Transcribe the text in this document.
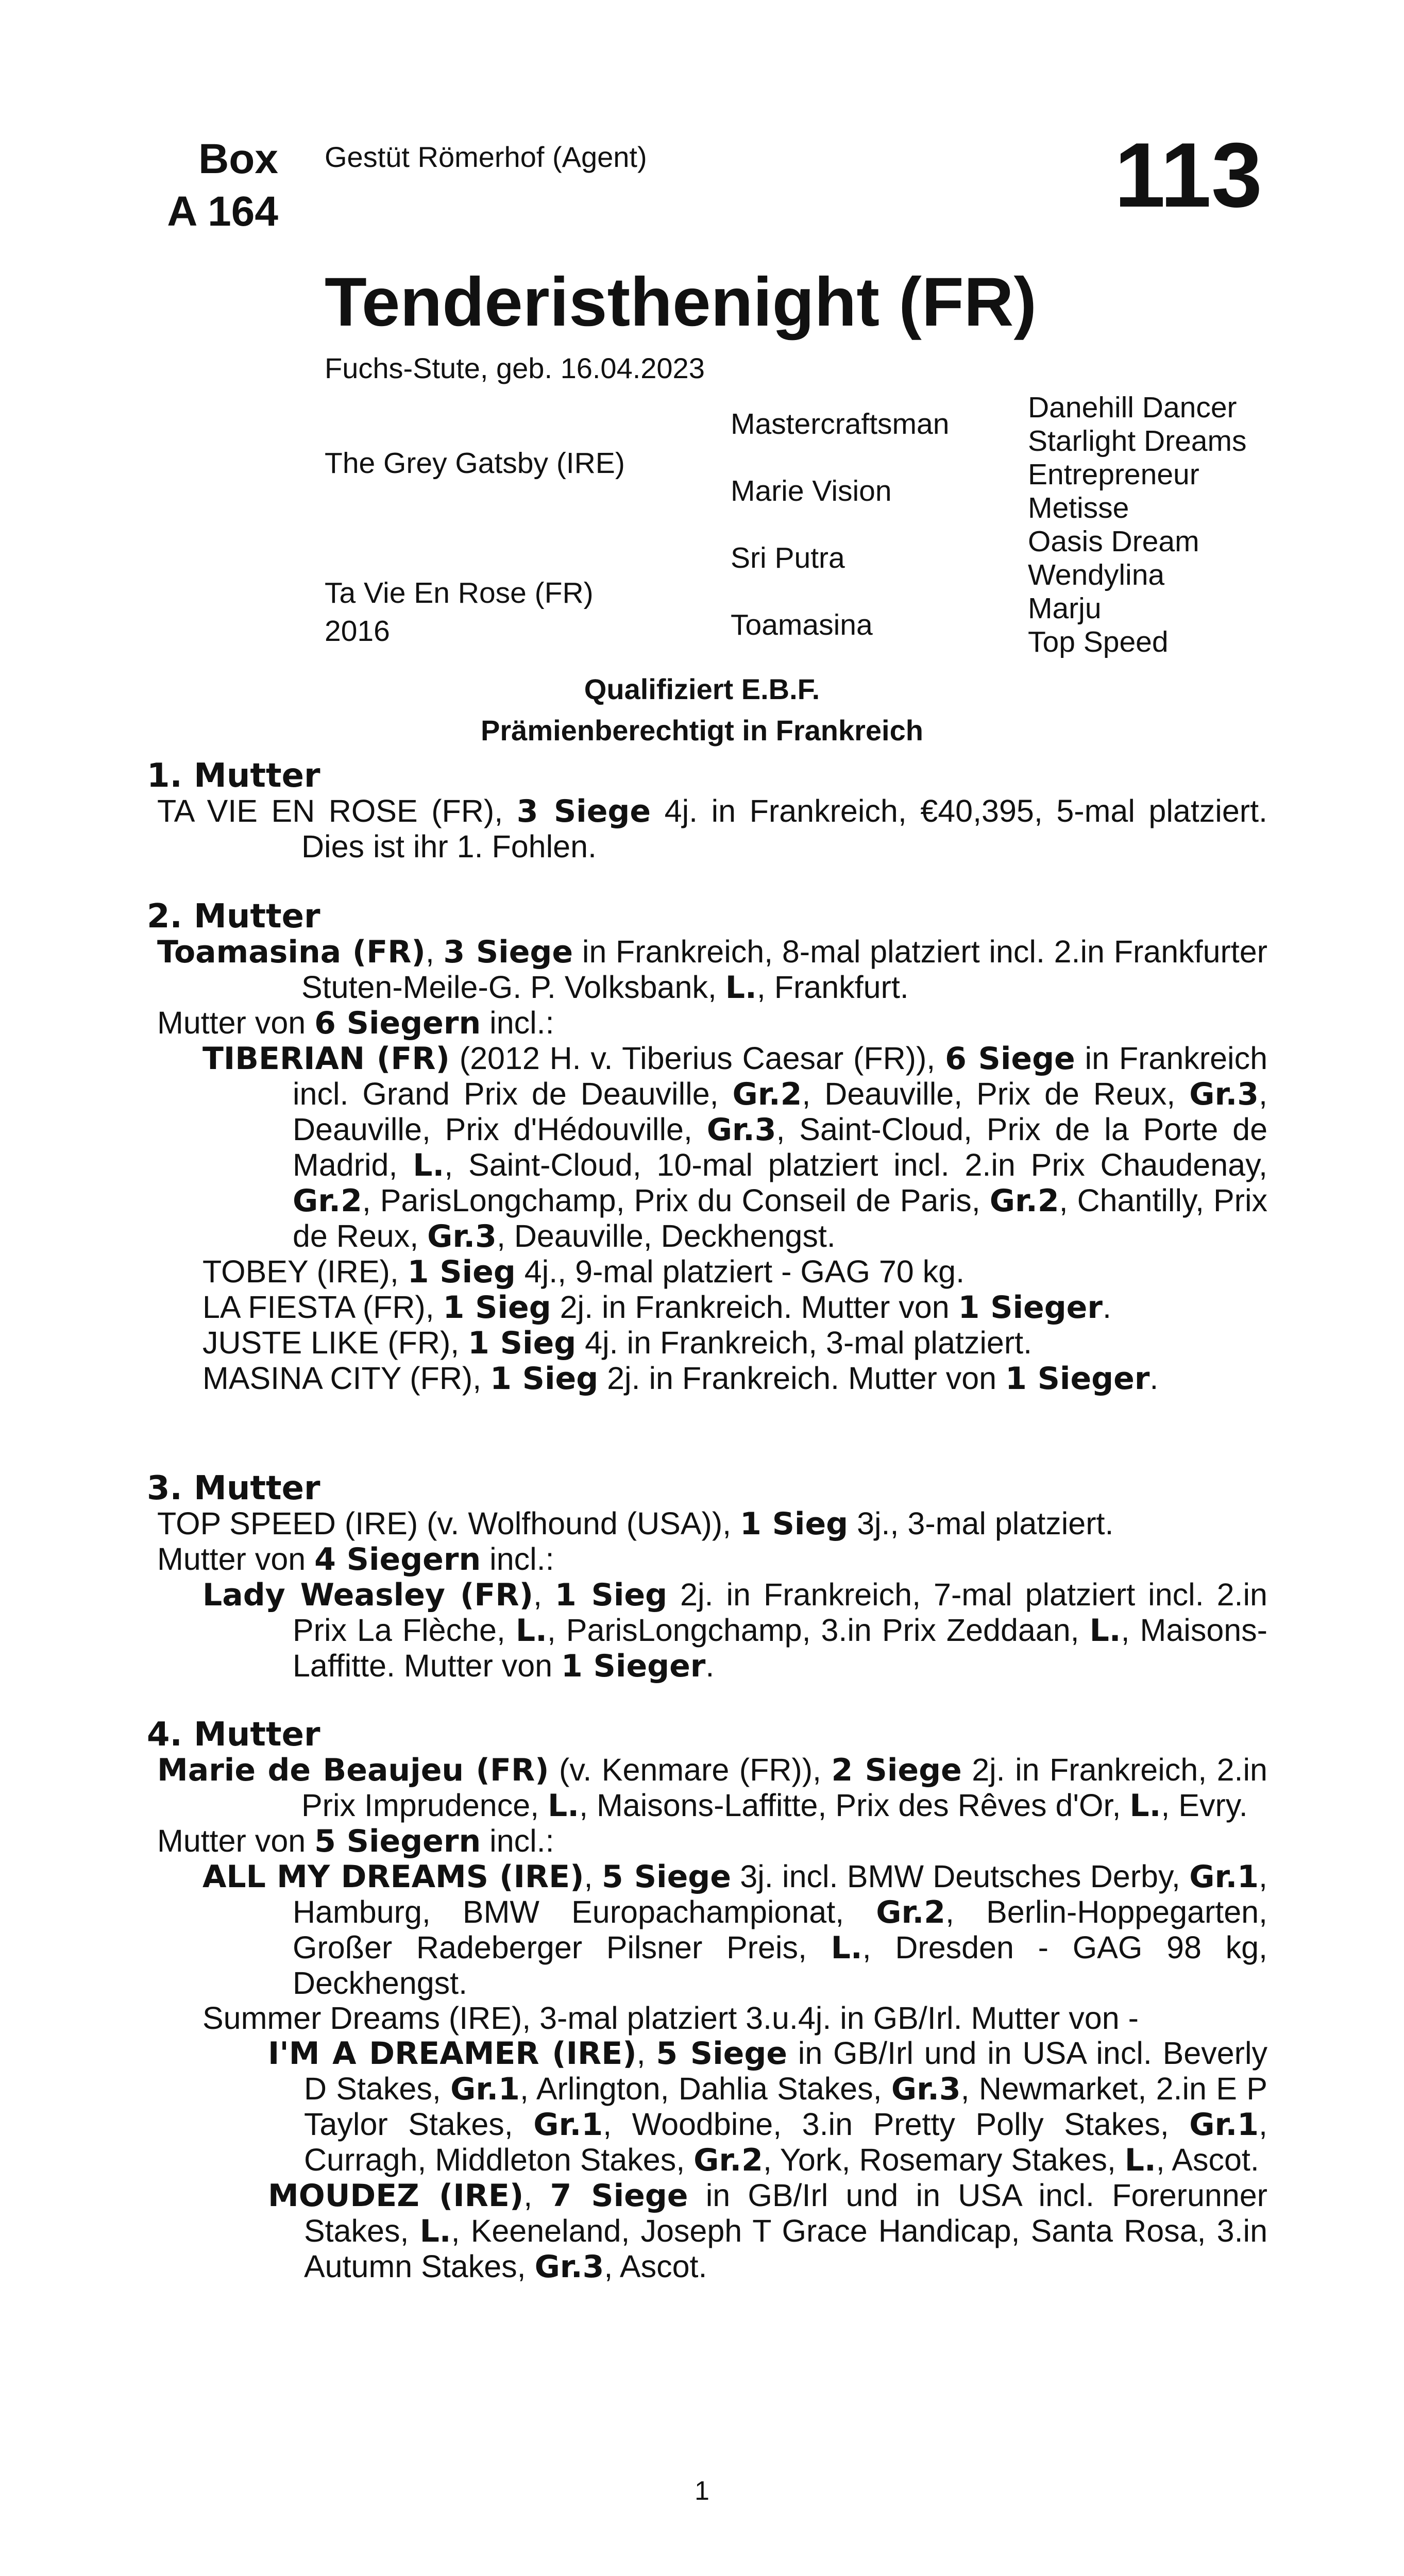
Box
A 164
Gestüt Römerhof (Agent)	113
Tenderisthenight (FR)
Fuchs-Stute, geb. 16.04.2023
The Grey Gatsby (IRE)
Ta Vie En Rose (FR)
2016
Mastercraftsman
Marie Vision
Sri Putra
Toamasina
Danehill Dancer
Starlight Dreams
Entrepreneur
Metisse
Oasis Dream
Wendylina
Marju
Top Speed
Qualifiziert E.B.F.
Prämienberechtigt in Frankreich
1. Mutter
TA VIE EN ROSE (FR), 3 Siege 4j. in Frankreich, €40,395, 5-mal platziert. Dies ist ihr 1. Fohlen.
2. Mutter
Toamasina (FR), 3 Siege in Frankreich, 8-mal platziert incl. 2.in Frankfurter Stuten-Meile-G. P. Volksbank, L., Frankfurt.
Mutter von 6 Siegern incl.:
TIBERIAN (FR) (2012 H. v. Tiberius Caesar (FR)), 6 Siege in Frankreich incl. Grand Prix de Deauville, Gr.2, Deauville, Prix de Reux, Gr.3, Deauville, Prix d'Hédouville, Gr.3, Saint-Cloud, Prix de la Porte de Madrid, L., Saint-Cloud, 10-mal platziert incl. 2.in Prix Chaudenay, Gr.2, ParisLongchamp, Prix du Conseil de Paris, Gr.2, Chantilly, Prix de Reux, Gr.3, Deauville, Deckhengst.
TOBEY (IRE), 1 Sieg 4j., 9-mal platziert - GAG 70 kg.
LA FIESTA (FR), 1 Sieg 2j. in Frankreich. Mutter von 1 Sieger.
JUSTE LIKE (FR), 1 Sieg 4j. in Frankreich, 3-mal platziert.
MASINA CITY (FR), 1 Sieg 2j. in Frankreich. Mutter von 1 Sieger.
3. Mutter
TOP SPEED (IRE) (v. Wolfhound (USA)), 1 Sieg 3j., 3-mal platziert.
Mutter von 4 Siegern incl.:
Lady Weasley (FR), 1 Sieg 2j. in Frankreich, 7-mal platziert incl. 2.in Prix La Flèche, L., ParisLongchamp, 3.in Prix Zeddaan, L., Maisons-Laffitte. Mutter von 1 Sieger.
4. Mutter
Marie de Beaujeu (FR) (v. Kenmare (FR)), 2 Siege 2j. in Frankreich, 2.in Prix Imprudence, L., Maisons-Laffitte, Prix des Rêves d'Or, L., Evry.
Mutter von 5 Siegern incl.:
ALL MY DREAMS (IRE), 5 Siege 3j. incl. BMW Deutsches Derby, Gr.1, Hamburg, BMW Europachampionat, Gr.2, Berlin-Hoppegarten, Großer Radeberger Pilsner Preis, L., Dresden - GAG 98 kg, Deckhengst.
Summer Dreams (IRE), 3-mal platziert 3.u.4j. in GB/Irl. Mutter von -
I'M A DREAMER (IRE), 5 Siege in GB/Irl und in USA incl. Beverly D Stakes, Gr.1, Arlington, Dahlia Stakes, Gr.3, Newmarket, 2.in E P Taylor Stakes, Gr.1, Woodbine, 3.in Pretty Polly Stakes, Gr.1, Curragh, Middleton Stakes, Gr.2, York, Rosemary Stakes, L., Ascot.
MOUDEZ (IRE), 7 Siege in GB/Irl und in USA incl. Forerunner Stakes, L., Keeneland, Joseph T Grace Handicap, Santa Rosa, 3.in Autumn Stakes, Gr.3, Ascot.
1
